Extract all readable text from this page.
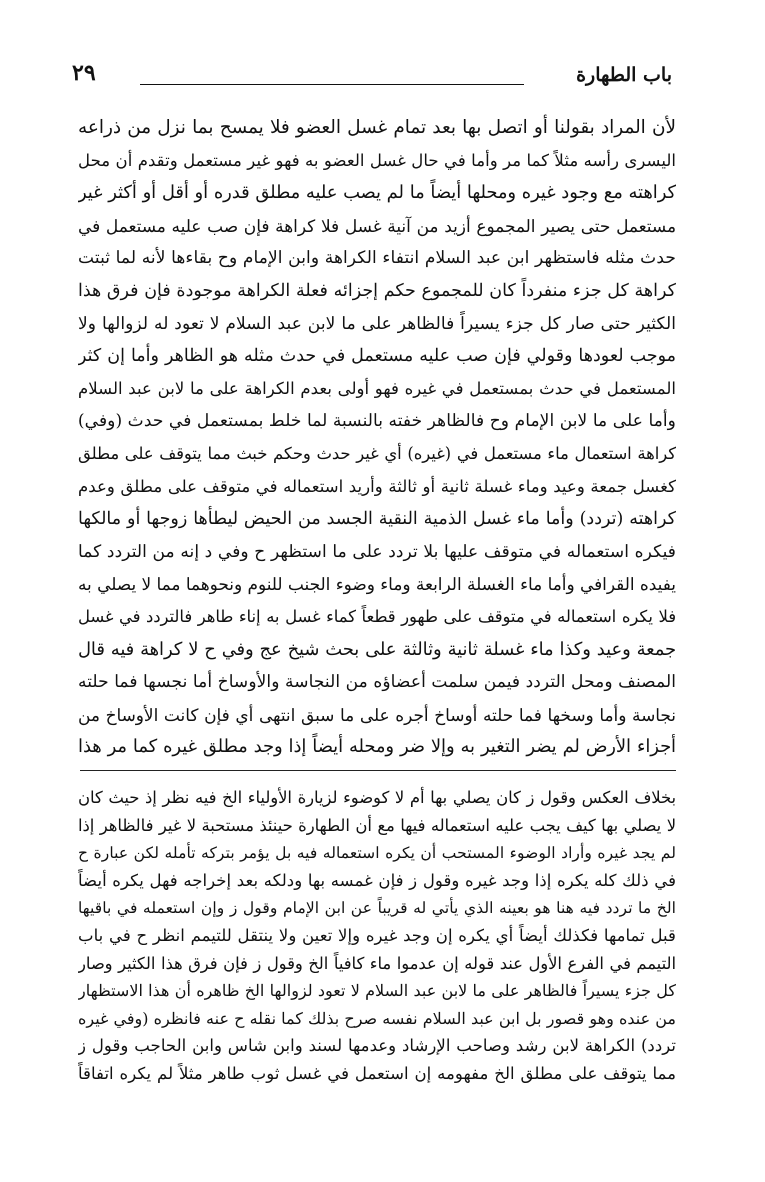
باب الطهارة
٢٩
لأن المراد بقولنا أو اتصل بها بعد تمام غسل العضو فلا يمسح بما نزل من ذراعه
اليسرى رأسه مثلاً كما مر وأما في حال غسل العضو به فهو غير مستعمل وتقدم أن محل
كراهته مع وجود غيره ومحلها أيضاً ما لم يصب عليه مطلق قدره أو أقل أو أكثر غير
مستعمل حتى يصير المجموع أزيد من آنية غسل فلا كراهة فإن صب عليه مستعمل في
حدث مثله فاستظهر ابن عبد السلام انتفاء الكراهة وابن الإمام وح بقاءها لأنه لما ثبتت
كراهة كل جزء منفرداً كان للمجموع حكم إجزائه فعلة الكراهة موجودة فإن فرق هذا
الكثير حتى صار كل جزء يسيراً فالظاهر على ما لابن عبد السلام لا تعود له لزوالها ولا
موجب لعودها وقولي فإن صب عليه مستعمل في حدث مثله هو الظاهر وأما إن كثر
المستعمل في حدث بمستعمل في غيره فهو أولى بعدم الكراهة على ما لابن عبد السلام
وأما على ما لابن الإمام وح فالظاهر خفته بالنسبة لما خلط بمستعمل في حدث (وفي)
كراهة استعمال ماء مستعمل في (غيره) أي غير حدث وحكم خبث مما يتوقف على مطلق
كغسل جمعة وعيد وماء غسلة ثانية أو ثالثة وأريد استعماله في متوقف على مطلق وعدم
كراهته (تردد) وأما ماء غسل الذمية النقية الجسد من الحيض ليطأها زوجها أو مالكها
فيكره استعماله في متوقف عليها بلا تردد على ما استظهر ح وفي د إنه من التردد كما
يفيده القرافي وأما ماء الغسلة الرابعة وماء وضوء الجنب للنوم ونحوهما مما لا يصلي به
فلا يكره استعماله في متوقف على طهور قطعاً كماء غسل به إناء طاهر فالتردد في غسل
جمعة وعيد وكذا ماء غسلة ثانية وثالثة على بحث شيخ عج وفي ح لا كراهة فيه قال
المصنف ومحل التردد فيمن سلمت أعضاؤه من النجاسة والأوساخ أما نجسها فما حلته
نجاسة وأما وسخها فما حلته أوساخ أجره على ما سبق انتهى أي فإن كانت الأوساخ من
أجزاء الأرض لم يضر التغير به وإلا ضر ومحله أيضاً إذا وجد مطلق غيره كما مر هذا
بخلاف العكس وقول ز كان يصلي بها أم لا كوضوء لزيارة الأولياء الخ فيه نظر إذ حيث كان
لا يصلي بها كيف يجب عليه استعماله فيها مع أن الطهارة حينئذ مستحبة لا غير فالظاهر إذا
لم يجد غيره وأراد الوضوء المستحب أن يكره استعماله فيه بل يؤمر بتركه تأمله لكن عبارة ح
في ذلك كله يكره إذا وجد غيره وقول ز فإن غمسه بها ودلكه بعد إخراجه فهل يكره أيضاً
الخ ما تردد فيه هنا هو بعينه الذي يأتي له قريباً عن ابن الإمام وقول ز وإن استعمله في باقيها
قبل تمامها فكذلك أيضاً أي يكره إن وجد غيره وإلا تعين ولا ينتقل للتيمم انظر ح في باب
التيمم في الفرع الأول عند قوله إن عدموا ماء كافياً الخ وقول ز فإن فرق هذا الكثير وصار
كل جزء يسيراً فالظاهر على ما لابن عبد السلام لا تعود لزوالها الخ ظاهره أن هذا الاستظهار
من عنده وهو قصور بل ابن عبد السلام نفسه صرح بذلك كما نقله ح عنه فانظره (وفي غيره
تردد) الكراهة لابن رشد وصاحب الإرشاد وعدمها لسند وابن شاس وابن الحاجب وقول ز
مما يتوقف على مطلق الخ مفهومه إن استعمل في غسل ثوب طاهر مثلاً لم يكره اتفاقاً
